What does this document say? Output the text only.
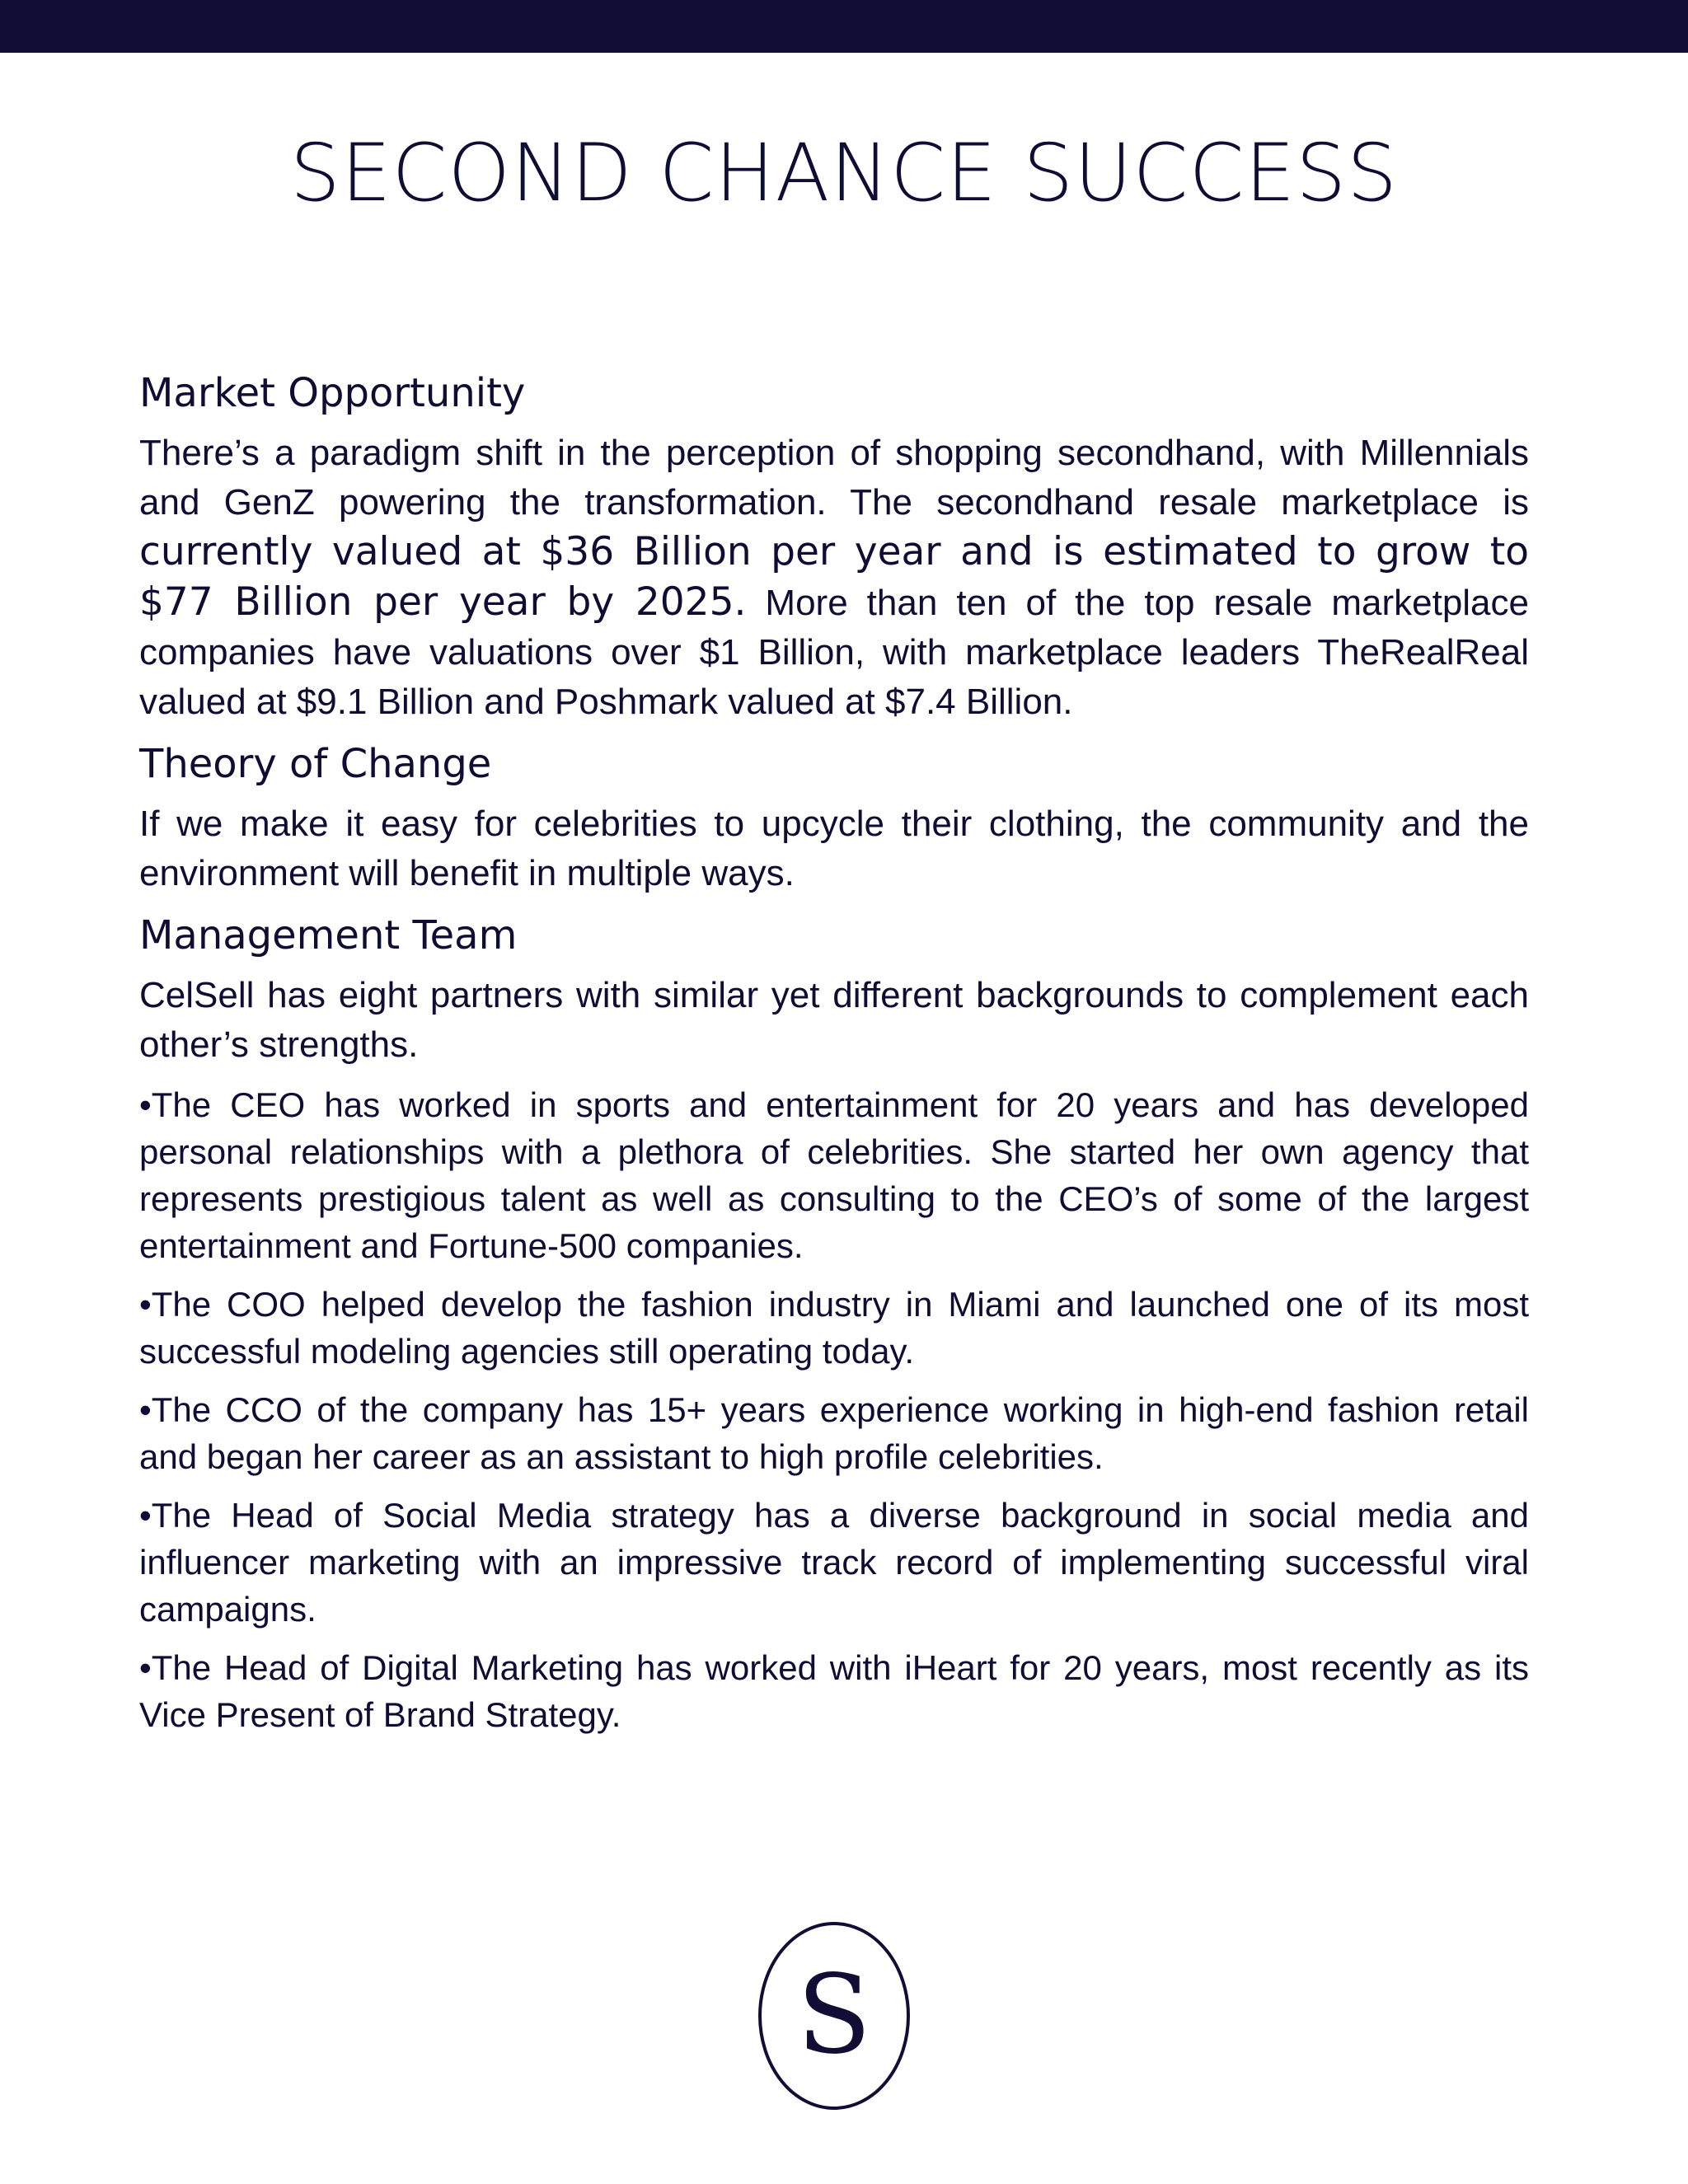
SECOND CHANCE SUCCESS
Market Opportunity

There’s a paradigm shift in the perception of shopping secondhand, with Millennials and GenZ powering the transformation. The secondhand resale marketplace is currently valued at $36 Billion per year and is estimated to grow to $77 Billion per year by 2025. More than ten of the top resale marketplace companies have valuations over $1 Billion, with marketplace leaders TheRealReal valued at $9.1 Billion and Poshmark valued at $7.4 Billion.

Theory of Change

If we make it easy for celebrities to upcycle their clothing, the community and the environment will benefit in multiple ways.

Management Team

CelSell has eight partners with similar yet different backgrounds to complement each other’s strengths.

•The CEO has worked in sports and entertainment for 20 years and has developed personal relationships with a plethora of celebrities. She started her own agency that represents prestigious talent as well as consulting to the CEO’s of some of the largest entertainment and Fortune-500 companies.

•The COO helped develop the fashion industry in Miami and launched one of its most successful modeling agencies still operating today.

•The CCO of the company has 15+ years experience working in high-end fashion retail and began her career as an assistant to high profile celebrities.

•The Head of Social Media strategy has a diverse background in social media and influencer marketing with an impressive track record of implementing successful viral campaigns.

•The Head of Digital Marketing has worked with iHeart for 20 years, most recently as its Vice Present of Brand Strategy.

S
